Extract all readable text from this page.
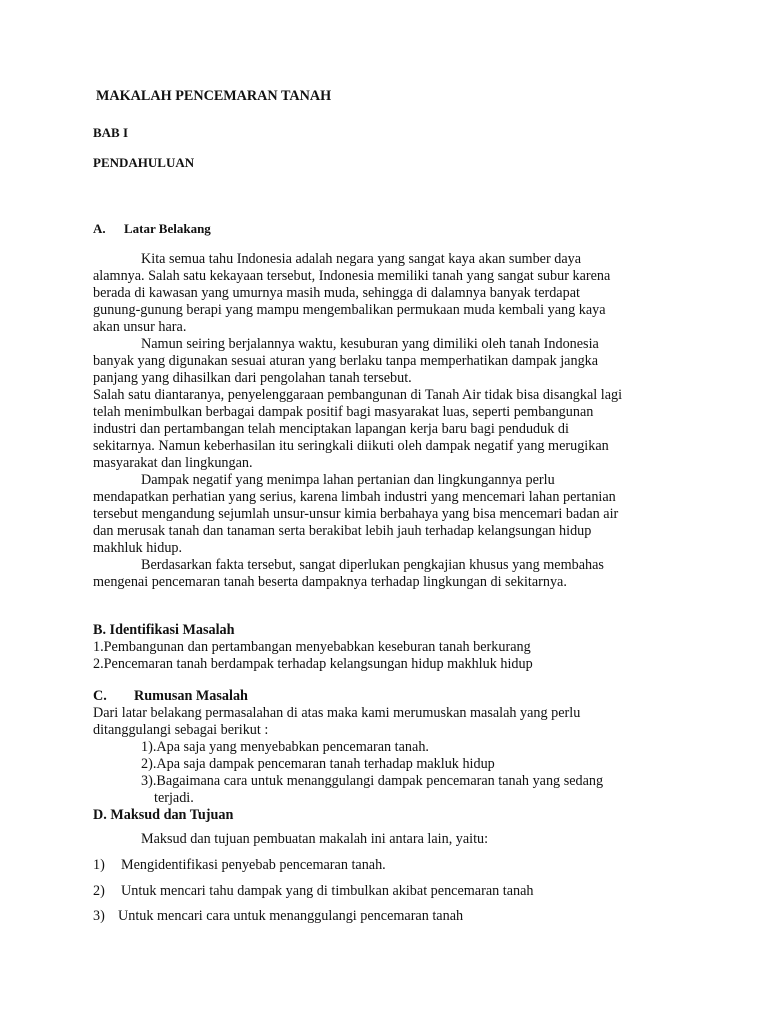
MAKALAH PENCEMARAN TANAH
BAB I
PENDAHULUAN
A. Latar Belakang
Kita semua tahu Indonesia adalah negara yang sangat kaya akan sumber daya
alamnya. Salah satu kekayaan tersebut, Indonesia memiliki tanah yang sangat subur karena
berada di kawasan yang umurnya masih muda, sehingga di dalamnya banyak terdapat
gunung-gunung berapi yang mampu mengembalikan permukaan muda kembali yang kaya
akan unsur hara.
Namun seiring berjalannya waktu, kesuburan yang dimiliki oleh tanah Indonesia
banyak yang digunakan sesuai aturan yang berlaku tanpa memperhatikan dampak jangka
panjang yang dihasilkan dari pengolahan tanah tersebut.
Salah satu diantaranya, penyelenggaraan pembangunan di Tanah Air tidak bisa disangkal lagi
telah menimbulkan berbagai dampak positif bagi masyarakat luas, seperti pembangunan
industri dan pertambangan telah menciptakan lapangan kerja baru bagi penduduk di
sekitarnya. Namun keberhasilan itu seringkali diikuti oleh dampak negatif yang merugikan
masyarakat dan lingkungan.
Dampak negatif yang menimpa lahan pertanian dan lingkungannya perlu
mendapatkan perhatian yang serius, karena limbah industri yang mencemari lahan pertanian
tersebut mengandung sejumlah unsur-unsur kimia berbahaya yang bisa mencemari badan air
dan merusak tanah dan tanaman serta berakibat lebih jauh terhadap kelangsungan hidup
makhluk hidup.
Berdasarkan fakta tersebut, sangat diperlukan pengkajian khusus yang membahas
mengenai pencemaran tanah beserta dampaknya terhadap lingkungan di sekitarnya.
B. Identifikasi Masalah
1.Pembangunan dan pertambangan menyebabkan keseburan tanah berkurang
2.Pencemaran tanah berdampak terhadap kelangsungan hidup makhluk hidup
C. Rumusan Masalah
Dari latar belakang permasalahan di atas maka kami merumuskan masalah yang perlu
ditanggulangi sebagai berikut :
1).Apa saja yang menyebabkan pencemaran tanah.
2).Apa saja dampak pencemaran tanah terhadap makluk hidup
3).Bagaimana cara untuk menanggulangi dampak pencemaran tanah yang sedang
terjadi.
D. Maksud dan Tujuan
Maksud dan tujuan pembuatan makalah ini antara lain, yaitu:
1) Mengidentifikasi penyebab pencemaran tanah.
2) Untuk mencari tahu dampak yang di timbulkan akibat pencemaran tanah
3) Untuk mencari cara untuk menanggulangi pencemaran tanah
